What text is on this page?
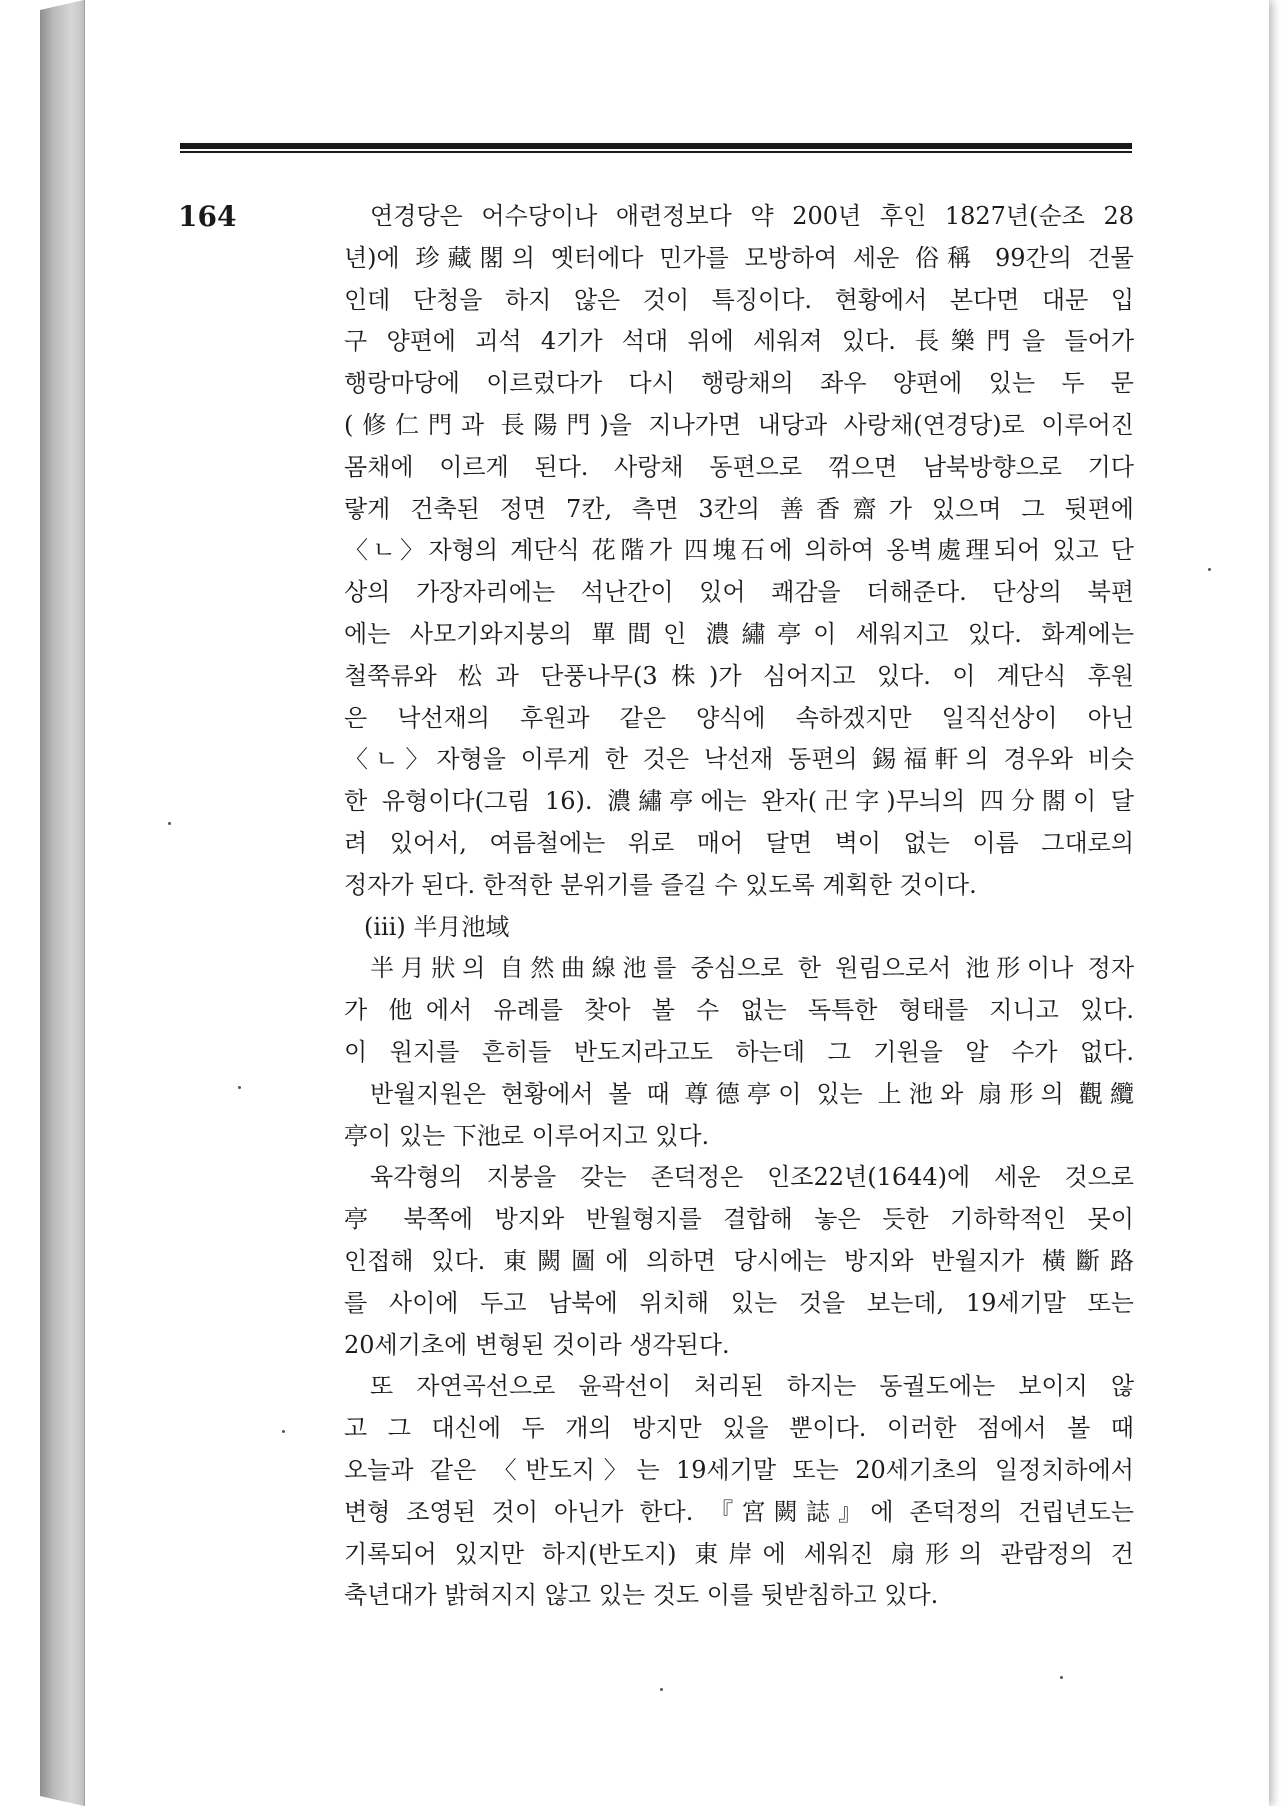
164	연경당은 어수당이나 애련정보다 약 200년 후인 1827년(순조 28
년)에 珍藏閣의 옛터에다 민가를 모방하여 세운 俗稱 99간의 건물
인데 단청을 하지 않은 것이 특징이다. 현황에서 본다면 대문 입
구 양편에 괴석 4기가 석대 위에 세워져 있다. 長樂門을 들어가
행랑마당에 이르렀다가 다시 행랑채의 좌우 양편에 있는 두 문
(修仁門과 長陽門)을 지나가면 내당과 사랑채(연경당)로 이루어진
몸채에 이르게 된다. 사랑채 동편으로 꺾으면 남북방향으로 기다
랗게 건축된 정면 7칸, 측면 3칸의 善香齋가 있으며 그 뒷편에
〈ㄴ〉자형의 계단식 花階가 四塊石에 의하여 옹벽處理되어 있고 단
상의 가장자리에는 석난간이 있어 쾌감을 더해준다. 단상의 북편
에는 사모기와지붕의 單間인 濃繡亭이 세워지고 있다. 화계에는
철쭉류와 松과 단풍나무(3株)가 심어지고 있다. 이 계단식 후원
은 낙선재의 후원과 같은 양식에 속하겠지만 일직선상이 아닌
〈ㄴ〉자형을 이루게 한 것은 낙선재 동편의 錫福軒의 경우와 비슷
한 유형이다(그림 16). 濃繡亭에는 완자(卍字)무늬의 四分閤이 달
려 있어서, 여름철에는 위로 매어 달면 벽이 없는 이름 그대로의
정자가 된다. 한적한 분위기를 즐길 수 있도록 계획한 것이다.
(iii) 半月池域
半月狀의 自然曲線池를 중심으로 한 원림으로서 池形이나 정자
가 他에서 유례를 찾아 볼 수 없는 독특한 형태를 지니고 있다.
이 원지를 흔히들 반도지라고도 하는데 그 기원을 알 수가 없다.
반월지원은 현황에서 볼 때 尊德亭이 있는 上池와 扇形의 觀纜
亭이 있는 下池로 이루어지고 있다.
육각형의 지붕을 갖는 존덕정은 인조22년(1644)에 세운 것으로
亭 북쪽에 방지와 반월형지를 결합해 놓은 듯한 기하학적인 못이
인접해 있다. 東闕圖에 의하면 당시에는 방지와 반월지가 橫斷路
를 사이에 두고 남북에 위치해 있는 것을 보는데, 19세기말 또는
20세기초에 변형된 것이라 생각된다.
또 자연곡선으로 윤곽선이 처리된 하지는 동궐도에는 보이지 않
고 그 대신에 두 개의 방지만 있을 뿐이다. 이러한 점에서 볼 때
오늘과 같은 〈반도지〉는 19세기말 또는 20세기초의 일정치하에서
변형 조영된 것이 아닌가 한다. 『宮闕誌』에 존덕정의 건립년도는
기록되어 있지만 하지(반도지) 東岸에 세워진 扇形의 관람정의 건
축년대가 밝혀지지 않고 있는 것도 이를 뒷받침하고 있다.
